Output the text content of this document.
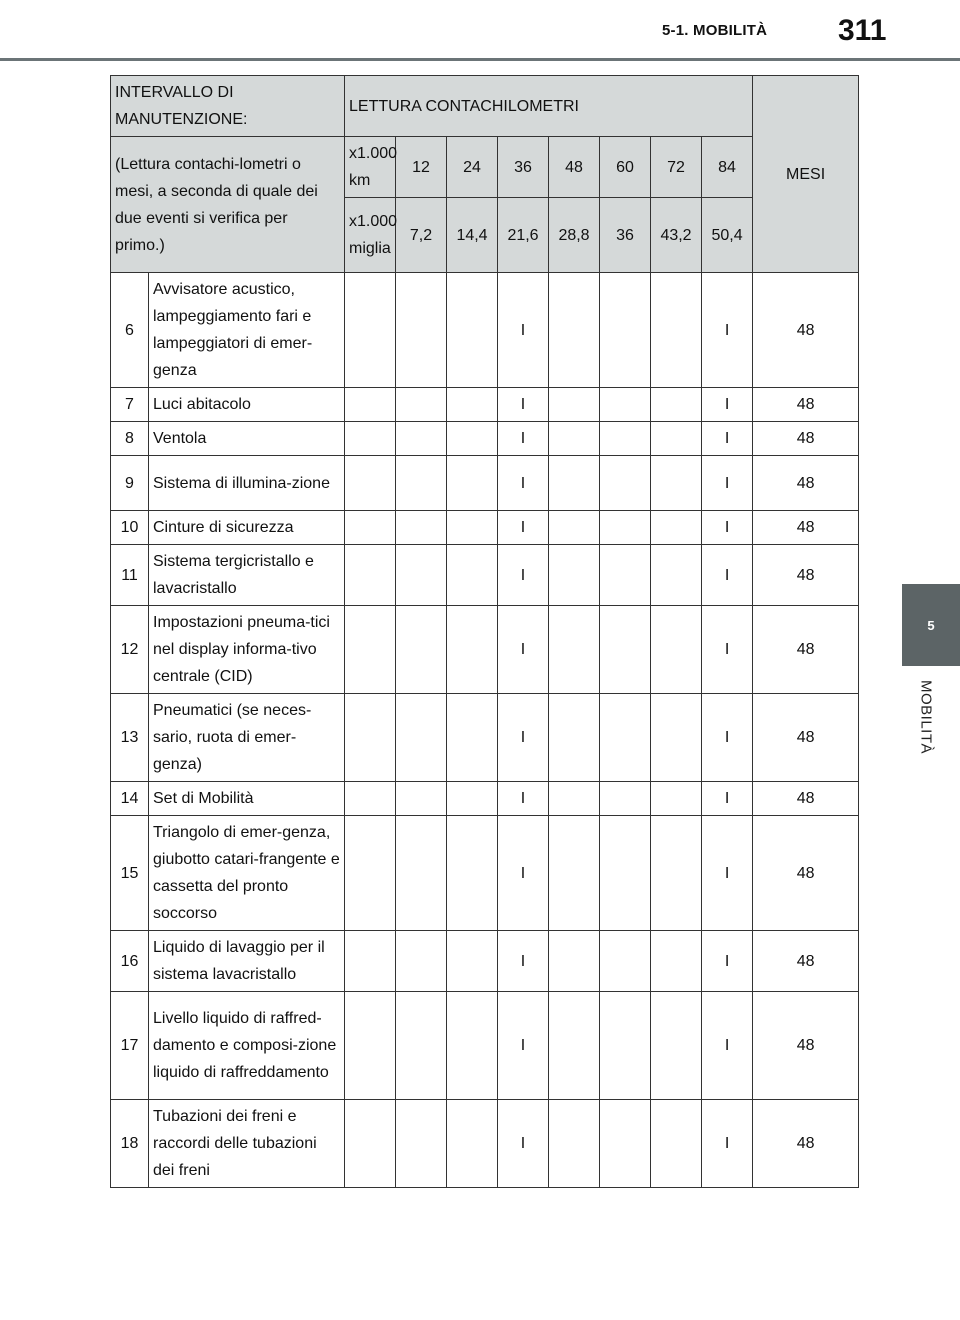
5-1. MOBILITÀ 311
5
MOBILITÀ
INTERVALLO DI MANUTENZIONE:		LETTURA CONTACHILOMETRI								MESI
(Lettura contachi-lometri o mesi, a seconda di quale dei due eventi si verifica per primo.)		x1.000 km	12	24	36	48	60	72	84	
		x1.000 miglia	7,2	14,4	21,6	28,8	36	43,2	50,4	
6	Avvisatore acustico, lampeggiamento fari e lampeggiatori di emer-genza				I				I	48
7	Luci abitacolo				I				I	48
8	Ventola				I				I	48
9	Sistema di illumina-zione				I				I	48
10	Cinture di sicurezza				I				I	48
11	Sistema tergicristallo e lavacristallo				I				I	48
12	Impostazioni pneuma-tici nel display informa-tivo centrale (CID)				I				I	48
13	Pneumatici (se neces-sario, ruota di emer-genza)				I				I	48
14	Set di Mobilità				I				I	48
15	Triangolo di emer-genza, giubotto catari-frangente e cassetta del pronto soccorso				I				I	48
16	Liquido di lavaggio per il sistema lavacristallo				I				I	48
17	Livello liquido di raffred-damento e composi-zione liquido di raffreddamento				I				I	48
18	Tubazioni dei freni e raccordi delle tubazioni dei freni				I				I	48
